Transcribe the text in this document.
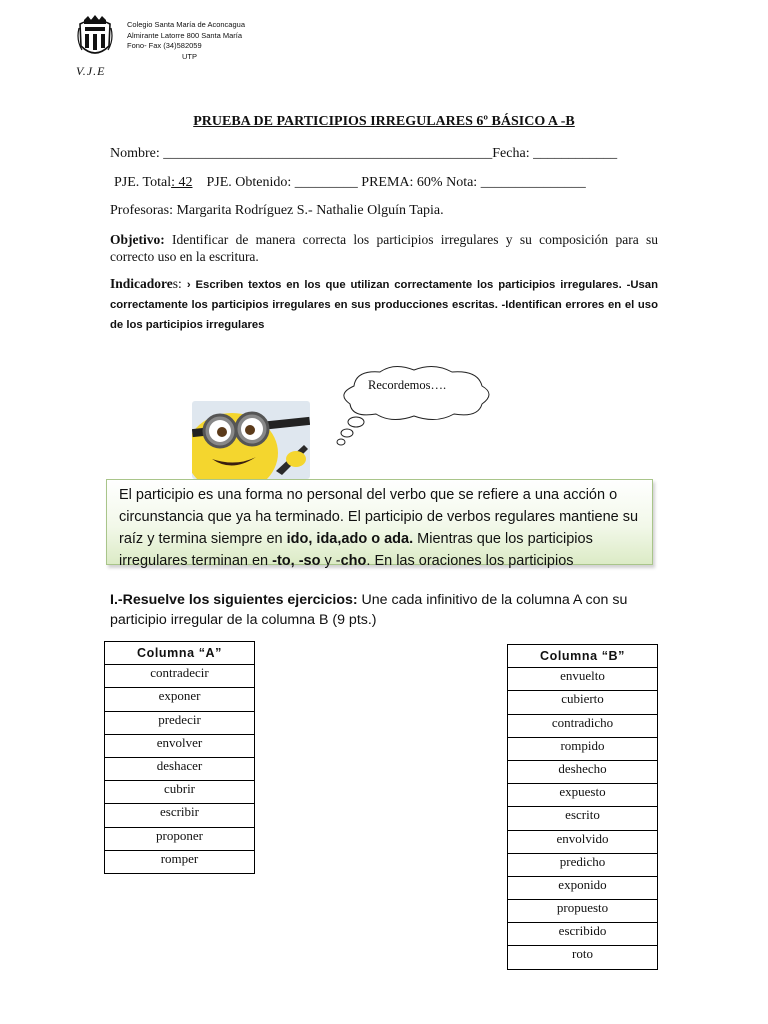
V.J.E
Colegio Santa María de Aconcagua
Almirante Latorre 800 Santa María
Fono- Fax (34)582059
UTP
PRUEBA DE PARTICIPIOS IRREGULARES 6º BÁSICO A -B
Nombre: _______________________________________________Fecha: ____________
PJE. Total: 42 PJE. Obtenido: _________ PREMA: 60% Nota: _______________
Profesoras: Margarita Rodríguez S.- Nathalie Olguín Tapia.
Objetivo: Identificar de manera correcta los participios irregulares y su composición para su correcto uso en la escritura.
Indicadores: › Escriben textos en los que utilizan correctamente los participios irregulares. -Usan correctamente los participios irregulares en sus producciones escritas. -Identifican errores en el uso de los participios irregulares
Recordemos….
El participio es una forma no personal del verbo que se refiere a una acción o circunstancia que ya ha terminado. El participio de verbos regulares mantiene su raíz y termina siempre en ido, ida,ado o ada. Mientras que los participios irregulares terminan en -to, -so y -cho. En las oraciones los participios
I.-Resuelve los siguientes ejercicios: Une cada infinitivo de la columna A con su participio irregular de la columna B (9 pts.)
Columna “A”
contradecir
exponer
predecir
envolver
deshacer
cubrir
escribir
proponer
romper
Columna “B”
envuelto
cubierto
contradicho
rompido
deshecho
expuesto
escrito
envolvido
predicho
exponido
propuesto
escribido
roto
